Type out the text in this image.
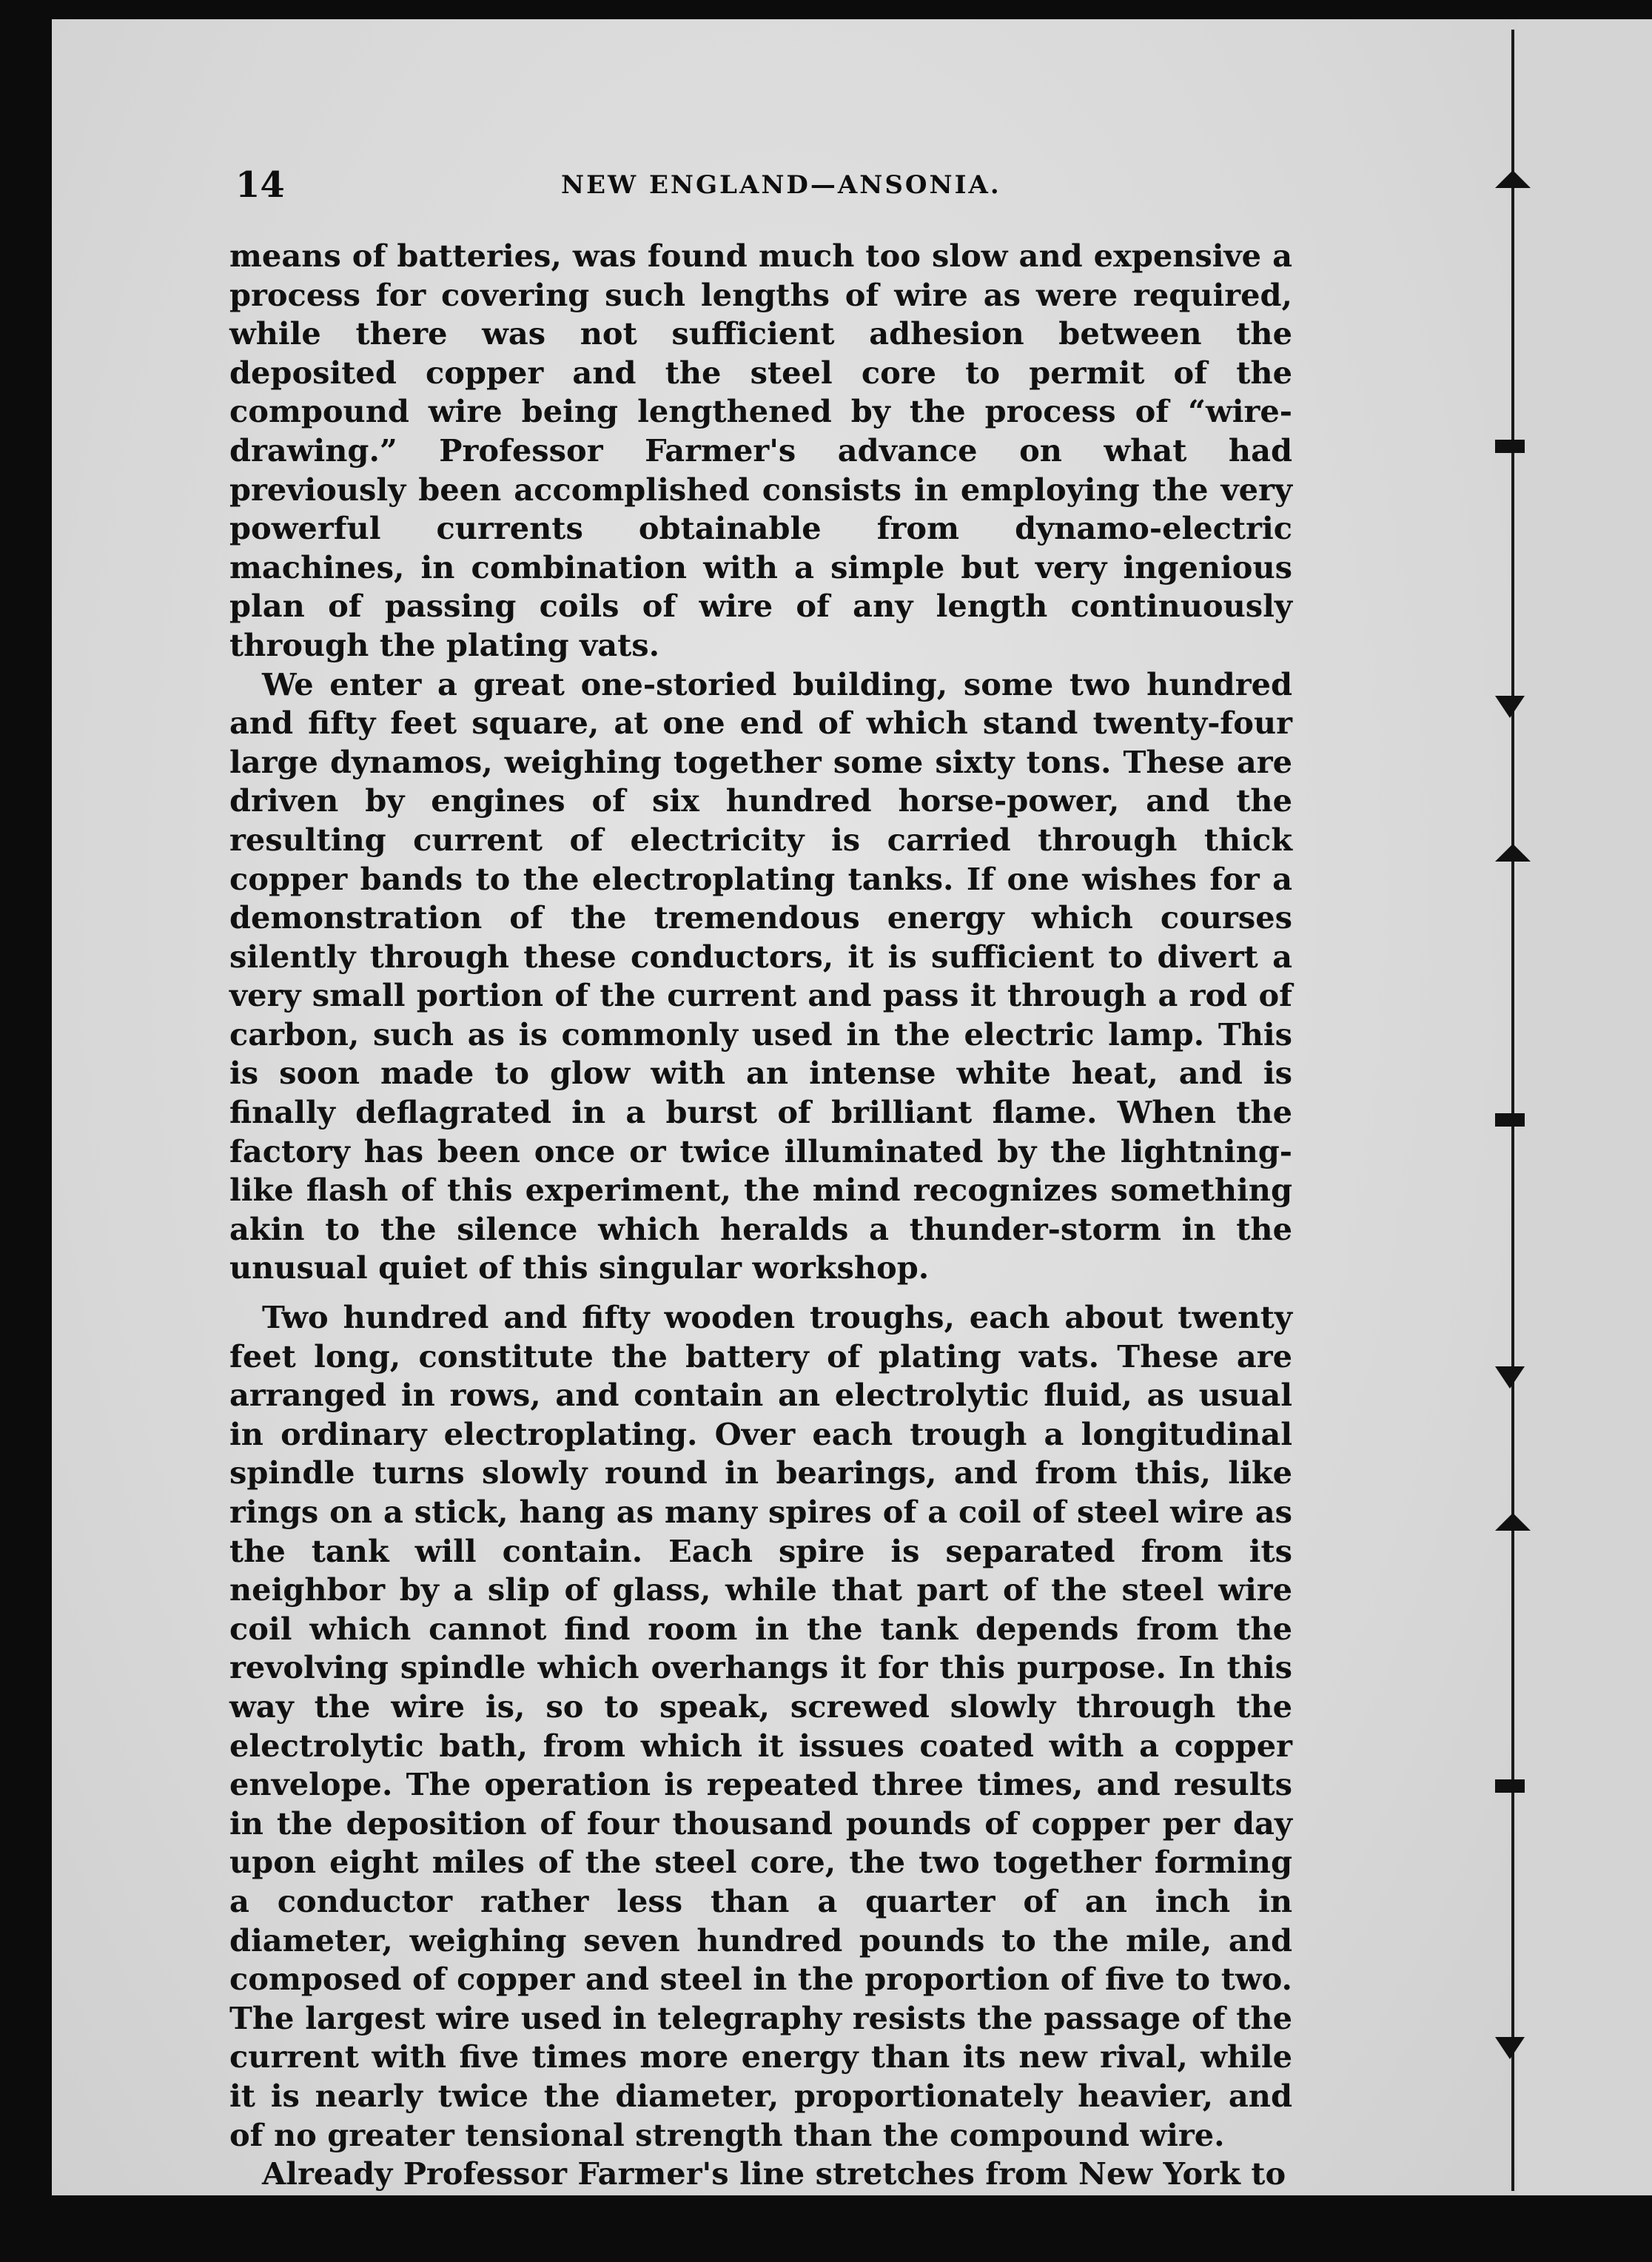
14	NEW ENGLAND—ANSONIA.

means of batteries, was found much too slow and expensive a process for covering such lengths of wire as were required, while there was not sufficient adhesion between the deposited copper and the steel core to permit of the compound wire being lengthened by the process of “wire-drawing.” Professor Farmer's advance on what had previously been accomplished consists in employing the very powerful currents obtainable from dynamo-electric machines, in combination with a simple but very ingenious plan of passing coils of wire of any length continuously through the plating vats.

We enter a great one-storied building, some two hundred and fifty feet square, at one end of which stand twenty-four large dynamos, weighing together some sixty tons. These are driven by engines of six hundred horse-power, and the resulting current of electricity is carried through thick copper bands to the electroplating tanks. If one wishes for a demonstration of the tremendous energy which courses silently through these conductors, it is sufficient to divert a very small portion of the current and pass it through a rod of carbon, such as is commonly used in the electric lamp. This is soon made to glow with an intense white heat, and is finally deflagrated in a burst of brilliant flame. When the factory has been once or twice illuminated by the lightning-like flash of this experiment, the mind recognizes something akin to the silence which heralds a thunder-storm in the unusual quiet of this singular workshop.

Two hundred and fifty wooden troughs, each about twenty feet long, constitute the battery of plating vats. These are arranged in rows, and contain an electrolytic fluid, as usual in ordinary electroplating. Over each trough a longitudinal spindle turns slowly round in bearings, and from this, like rings on a stick, hang as many spires of a coil of steel wire as the tank will contain. Each spire is separated from its neighbor by a slip of glass, while that part of the steel wire coil which cannot find room in the tank depends from the revolving spindle which overhangs it for this purpose. In this way the wire is, so to speak, screwed slowly through the electrolytic bath, from which it issues coated with a copper envelope. The operation is repeated three times, and results in the deposition of four thousand pounds of copper per day upon eight miles of the steel core, the two together forming a conductor rather less than a quarter of an inch in diameter, weighing seven hundred pounds to the mile, and composed of copper and steel in the proportion of five to two. The largest wire used in telegraphy resists the passage of the current with five times more energy than its new rival, while it is nearly twice the diameter, proportionately heavier, and of no greater tensional strength than the compound wire.

Already Professor Farmer's line stretches from New York to
